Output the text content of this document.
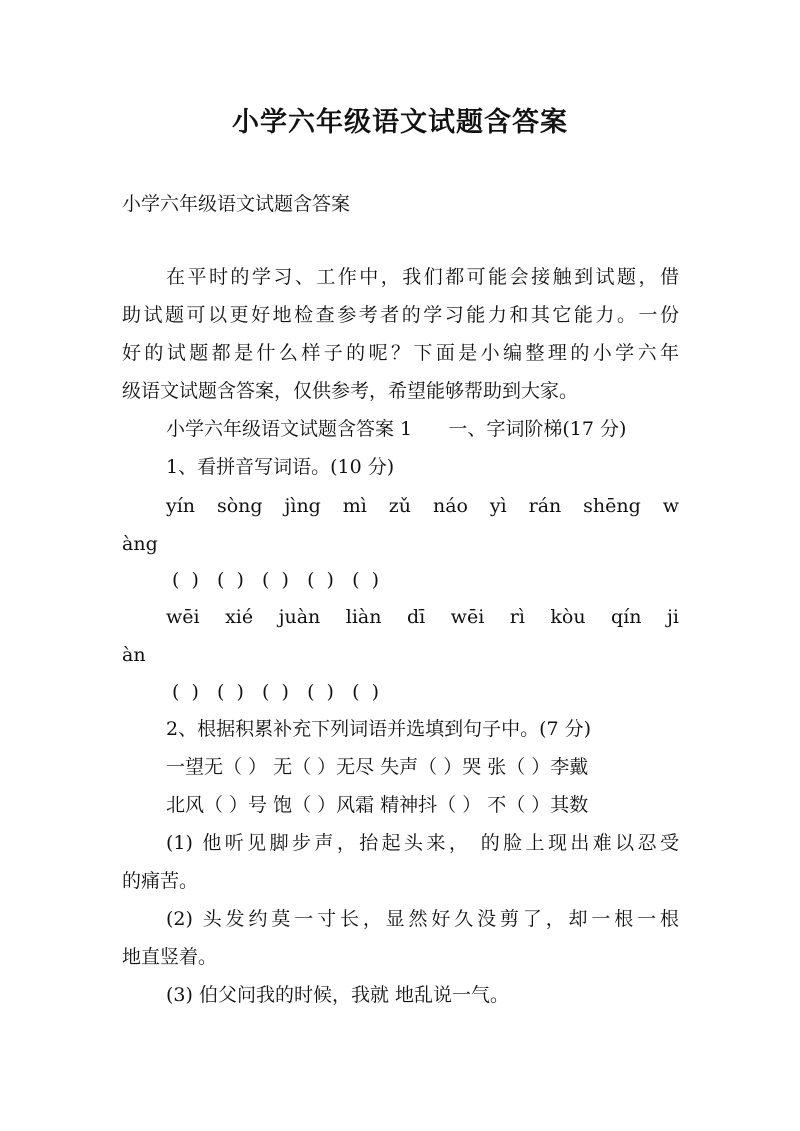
小学六年级语文试题含答案
小学六年级语文试题含答案
在平时的学习、工作中，我们都可能会接触到试题，借
助试题可以更好地检查参考者的学习能力和其它能力。一份
好的试题都是什么样子的呢？下面是小编整理的小学六年
级语文试题含答案，仅供参考，希望能够帮助到大家。
小学六年级语文试题含答案 1      一、字词阶梯(17 分)
1、看拼音写词语。(10 分)
yín sòng jìng mì zǔ náo yì rán shēng w
àng
(  )   (  )   (  )   (  )   (  )
wēi xié juàn liàn dī wēi rì kòu qín ji
àn
(  )   (  )   (  )   (  )   (  )
2、根据积累补充下列词语并选填到句子中。(7 分)
一望无（ ） 无（ ）无尽 失声（ ）哭 张（ ）李戴
北风（ ）号 饱（ ）风霜 精神抖（ ） 不（ ）其数
(1) 他听见脚步声，抬起头来， 的脸上现出难以忍受
的痛苦。
(2) 头发约莫一寸长，显然好久没剪了，却一根一根
地直竖着。
(3) 伯父问我的时候，我就 地乱说一气。
